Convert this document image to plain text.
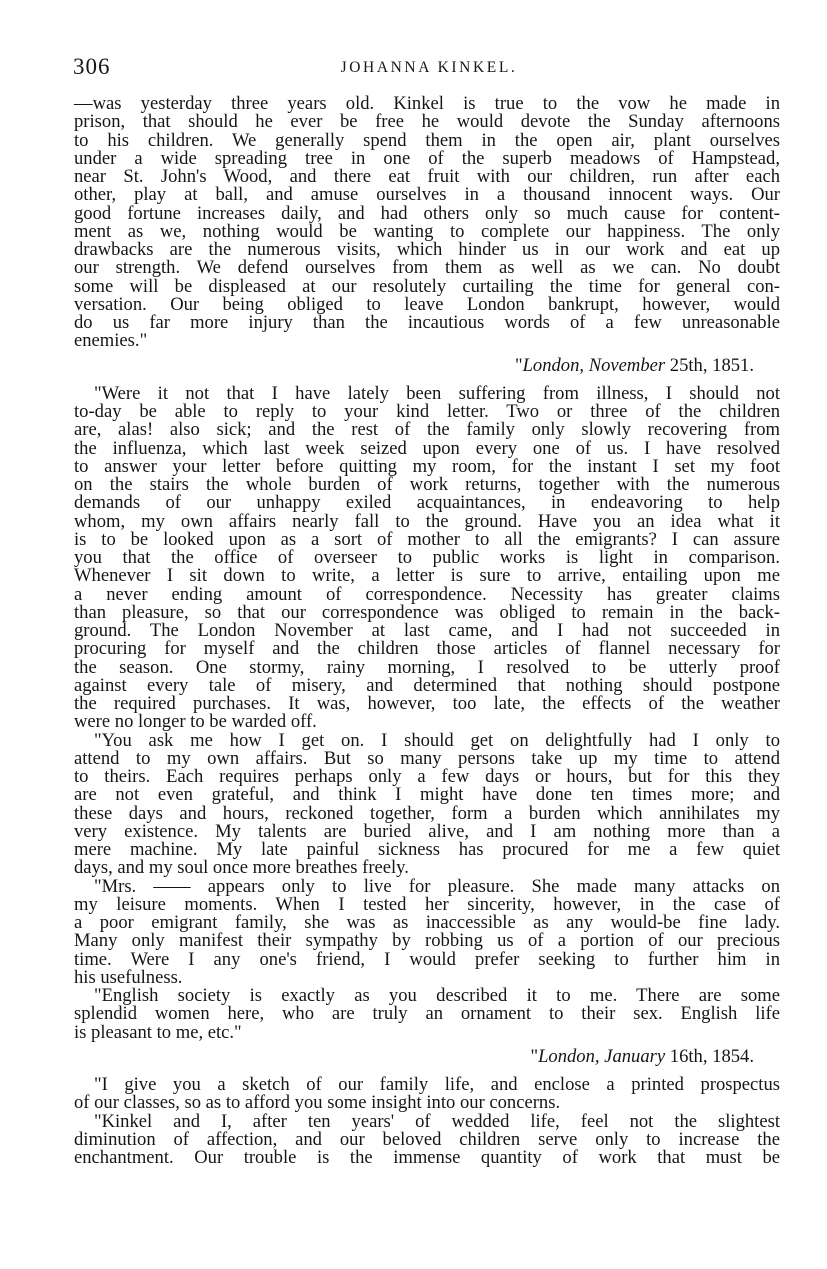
306	JOHANNA KINKEL.
—was yesterday three years old. Kinkel is true to the vow he made in
prison, that should he ever be free he would devote the Sunday afternoons
to his children. We generally spend them in the open air, plant ourselves
under a wide spreading tree in one of the superb meadows of Hampstead,
near St. John's Wood, and there eat fruit with our children, run after each
other, play at ball, and amuse ourselves in a thousand innocent ways. Our
good fortune increases daily, and had others only so much cause for content-
ment as we, nothing would be wanting to complete our happiness. The only
drawbacks are the numerous visits, which hinder us in our work and eat up
our strength. We defend ourselves from them as well as we can. No doubt
some will be displeased at our resolutely curtailing the time for general con-
versation. Our being obliged to leave London bankrupt, however, would
do us far more injury than the incautious words of a few unreasonable
enemies."
"London, November 25th, 1851.
"Were it not that I have lately been suffering from illness, I should not
to-day be able to reply to your kind letter. Two or three of the children
are, alas! also sick; and the rest of the family only slowly recovering from
the influenza, which last week seized upon every one of us. I have resolved
to answer your letter before quitting my room, for the instant I set my foot
on the stairs the whole burden of work returns, together with the numerous
demands of our unhappy exiled acquaintances, in endeavoring to help
whom, my own affairs nearly fall to the ground. Have you an idea what it
is to be looked upon as a sort of mother to all the emigrants? I can assure
you that the office of overseer to public works is light in comparison.
Whenever I sit down to write, a letter is sure to arrive, entailing upon me
a never ending amount of correspondence. Necessity has greater claims
than pleasure, so that our correspondence was obliged to remain in the back-
ground. The London November at last came, and I had not succeeded in
procuring for myself and the children those articles of flannel necessary for
the season. One stormy, rainy morning, I resolved to be utterly proof
against every tale of misery, and determined that nothing should postpone
the required purchases. It was, however, too late, the effects of the weather
were no longer to be warded off.
"You ask me how I get on. I should get on delightfully had I only to
attend to my own affairs. But so many persons take up my time to attend
to theirs. Each requires perhaps only a few days or hours, but for this they
are not even grateful, and think I might have done ten times more; and
these days and hours, reckoned together, form a burden which annihilates my
very existence. My talents are buried alive, and I am nothing more than a
mere machine. My late painful sickness has procured for me a few quiet
days, and my soul once more breathes freely.
"Mrs. —— appears only to live for pleasure. She made many attacks on
my leisure moments. When I tested her sincerity, however, in the case of
a poor emigrant family, she was as inaccessible as any would-be fine lady.
Many only manifest their sympathy by robbing us of a portion of our precious
time. Were I any one's friend, I would prefer seeking to further him in
his usefulness.
"English society is exactly as you described it to me. There are some
splendid women here, who are truly an ornament to their sex. English life
is pleasant to me, etc."
"London, January 16th, 1854.
"I give you a sketch of our family life, and enclose a printed prospectus
of our classes, so as to afford you some insight into our concerns.
"Kinkel and I, after ten years' of wedded life, feel not the slightest
diminution of affection, and our beloved children serve only to increase the
enchantment. Our trouble is the immense quantity of work that must be
